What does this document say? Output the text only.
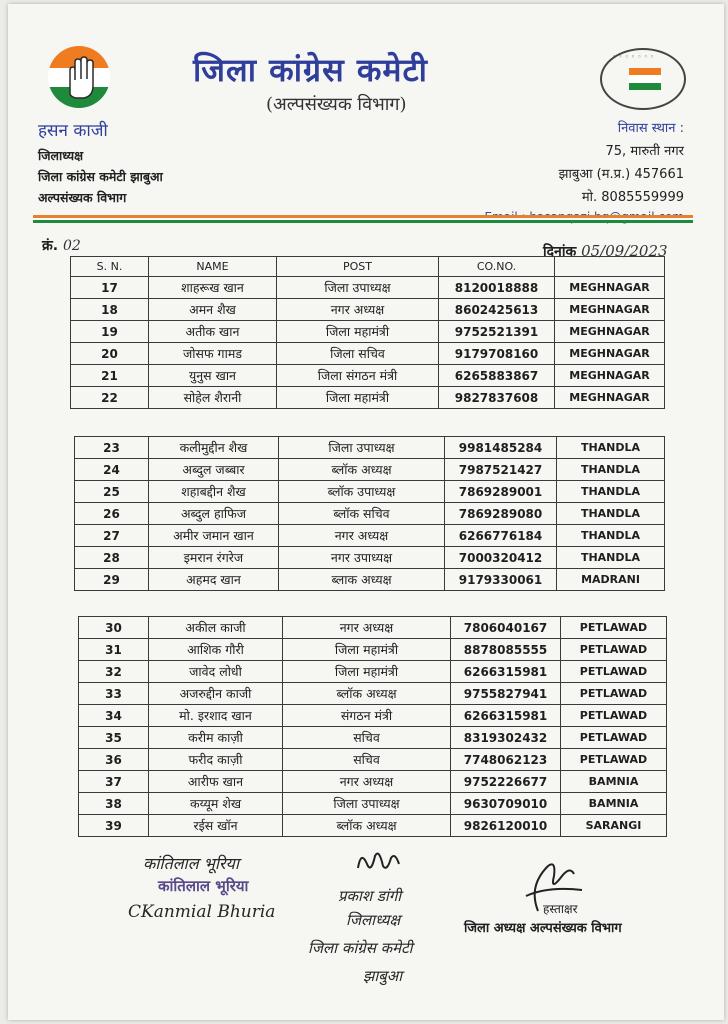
जिला कांग्रेस कमेटी
(अल्पसंख्यक विभाग)
◦ ◦ ◦ ◦ ◦ ◦ ◦
हसन काजी
जिलाध्यक्ष
जिला कांग्रेस कमेटी झाबुआ
अल्पसंख्यक विभाग
निवास स्थान :
75, मारुती नगर
झाबुआ (म.प्र.) 457661
मो. 8085559999
क्रं. 02	दिनांक 05/09/2023
S. N.	NAME	POST	CO.NO.	
17	शाहरूख खान	जिला उपाध्यक्ष	8120018888	MEGHNAGAR
18	अमन शैख	नगर अध्यक्ष	8602425613	MEGHNAGAR
19	अतीक खान	जिला महामंत्री	9752521391	MEGHNAGAR
20	जोसफ गामड	जिला सचिव	9179708160	MEGHNAGAR
21	युनुस खान	जिला संगठन मंत्री	6265883867	MEGHNAGAR
22	सोहेल शैरानी	जिला महामंत्री	9827837608	MEGHNAGAR
23	कलीमुद्दीन शैख	जिला उपाध्यक्ष	9981485284	THANDLA
24	अब्दुल जब्बार	ब्लॉक अध्यक्ष	7987521427	THANDLA
25	शहाबद्दीन शैख	ब्लॉक उपाध्यक्ष	7869289001	THANDLA
26	अब्दुल हाफिज	ब्लॉक सचिव	7869289080	THANDLA
27	अमीर जमान खान	नगर अध्यक्ष	6266776184	THANDLA
28	इमरान रंगरेज	नगर उपाध्यक्ष	7000320412	THANDLA
29	अहमद खान	ब्लाक अध्यक्ष	9179330061	MADRANI
30	अकील काजी	नगर अध्यक्ष	7806040167	PETLAWAD
31	आशिक गौरी	जिला महामंत्री	8878085555	PETLAWAD
32	जावेद लोधी	जिला महामंत्री	6266315981	PETLAWAD
33	अजरुद्दीन काजी	ब्लॉक अध्यक्ष	9755827941	PETLAWAD
34	मो. इरशाद खान	संगठन मंत्री	6266315981	PETLAWAD
35	करीम काज़ी	सचिव	8319302432	PETLAWAD
36	फरीद काज़ी	सचिव	7748062123	PETLAWAD
37	आरीफ खान	नगर अध्यक्ष	9752226677	BAMNIA
38	कय्यूम शेख	जिला उपाध्यक्ष	9630709010	BAMNIA
39	रईस खॉन	ब्लॉक अध्यक्ष	9826120010	SARANGI
कांतिलाल भूरिया
कांतिलाल भूरिया
CKanmial Bhuria
प्रकाश डांगी
जिलाध्यक्ष
जिला कांग्रेस कमेटी
झाबुआ
हस्ताक्षर
जिला अध्यक्ष अल्पसंख्यक विभाग
